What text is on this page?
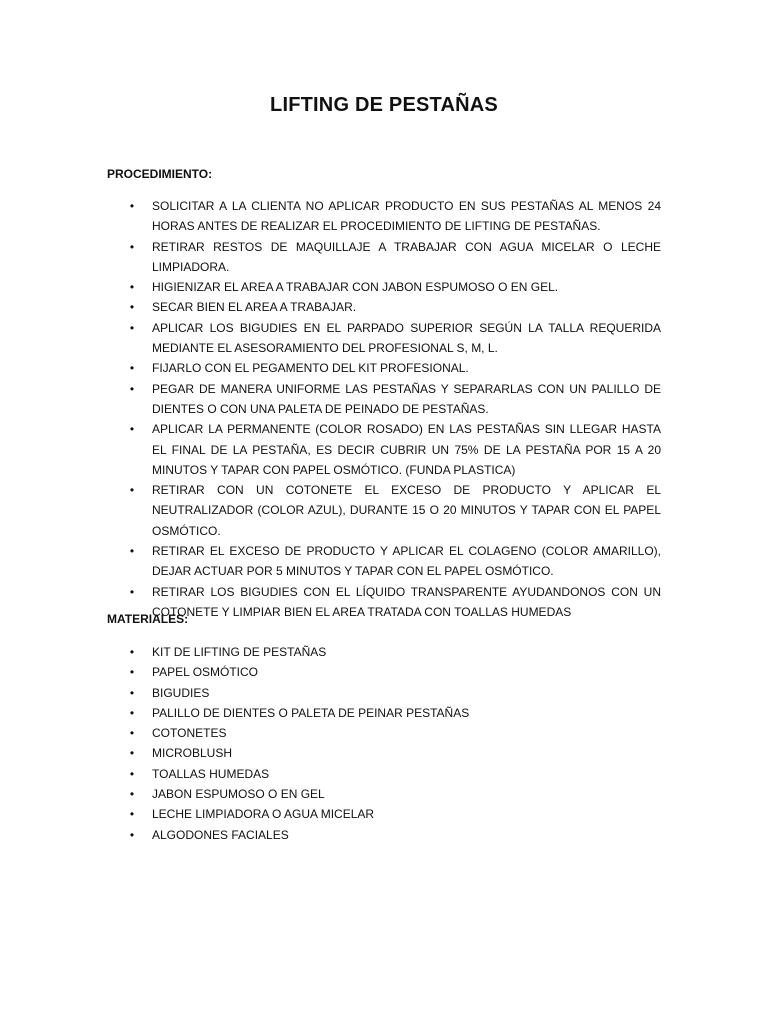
LIFTING DE PESTAÑAS
PROCEDIMIENTO:
•	SOLICITAR A LA CLIENTA NO APLICAR PRODUCTO EN SUS PESTAÑAS AL MENOS 24 HORAS ANTES DE REALIZAR EL PROCEDIMIENTO DE LIFTING DE PESTAÑAS.
•	RETIRAR RESTOS DE MAQUILLAJE A TRABAJAR CON AGUA MICELAR O LECHE LIMPIADORA.
•	HIGIENIZAR EL AREA A TRABAJAR CON JABON ESPUMOSO O EN GEL.
•	SECAR BIEN EL AREA A TRABAJAR.
•	APLICAR LOS BIGUDIES EN EL PARPADO SUPERIOR SEGÚN LA TALLA REQUERIDA MEDIANTE EL ASESORAMIENTO DEL PROFESIONAL S, M, L.
•	FIJARLO CON EL PEGAMENTO DEL KIT PROFESIONAL.
•	PEGAR DE MANERA UNIFORME LAS PESTAÑAS Y SEPARARLAS CON UN PALILLO DE DIENTES O CON UNA PALETA DE PEINADO DE PESTAÑAS.
•	APLICAR LA PERMANENTE (COLOR ROSADO) EN LAS PESTAÑAS SIN LLEGAR HASTA EL FINAL DE LA PESTAÑA, ES DECIR CUBRIR UN 75% DE LA PESTAÑA POR 15 A 20 MINUTOS Y TAPAR CON PAPEL OSMÓTICO. (FUNDA PLASTICA)
•	RETIRAR CON UN COTONETE EL EXCESO DE PRODUCTO Y APLICAR EL NEUTRALIZADOR (COLOR AZUL), DURANTE 15 O 20 MINUTOS Y TAPAR CON EL PAPEL OSMÓTICO.
•	RETIRAR EL EXCESO DE PRODUCTO Y APLICAR EL COLAGENO (COLOR AMARILLO), DEJAR ACTUAR POR 5 MINUTOS Y TAPAR CON EL PAPEL OSMÓTICO.
•	RETIRAR LOS BIGUDIES CON EL LÍQUIDO TRANSPARENTE AYUDANDONOS CON UN COTONETE Y LIMPIAR BIEN EL AREA TRATADA CON TOALLAS HUMEDAS
MATERIALES:
•	KIT DE LIFTING DE PESTAÑAS
•	PAPEL OSMÓTICO
•	BIGUDIES
•	PALILLO DE DIENTES O PALETA DE PEINAR PESTAÑAS
•	COTONETES
•	MICROBLUSH
•	TOALLAS HUMEDAS
•	JABON ESPUMOSO O EN GEL
•	LECHE LIMPIADORA O AGUA MICELAR
•	ALGODONES FACIALES
